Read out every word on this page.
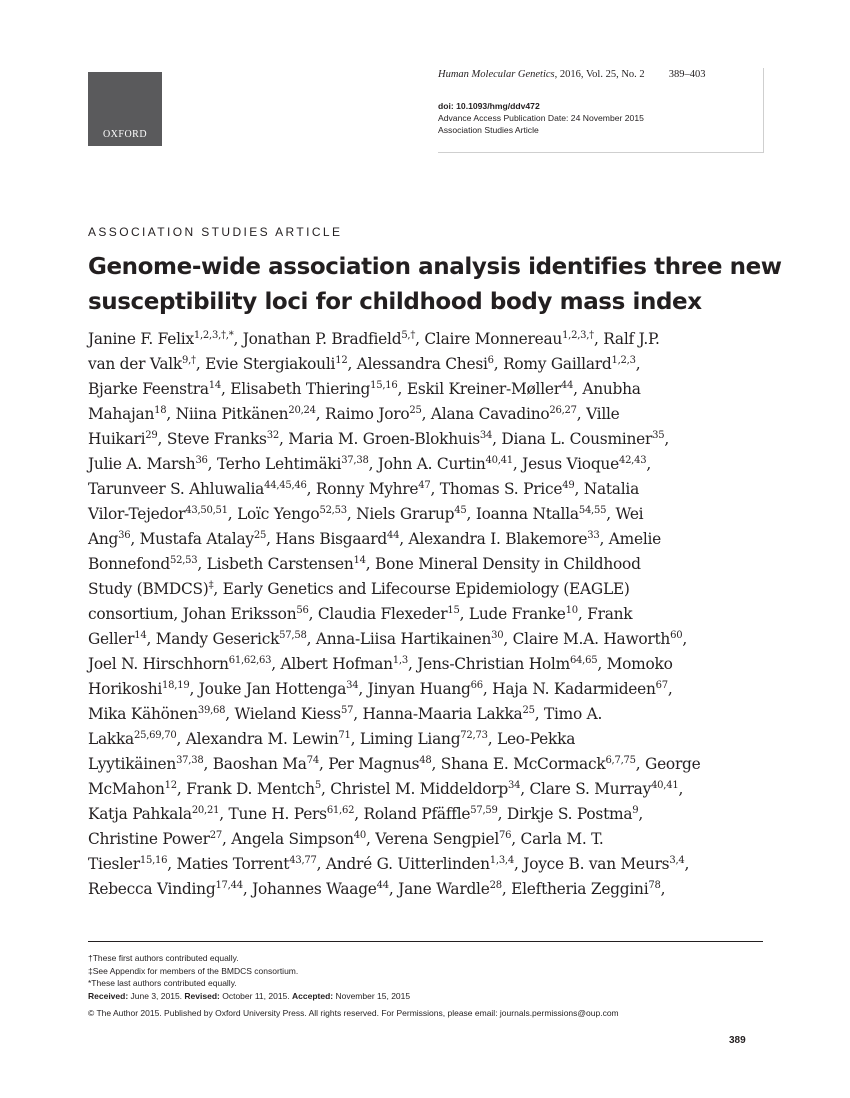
OXFORD
Human Molecular Genetics, 2016, Vol. 25, No. 2 389–403
doi: 10.1093/hmg/ddv472
Advance Access Publication Date: 24 November 2015
Association Studies Article
ASSOCIATION STUDIES ARTICLE
Genome-wide association analysis identifies three new
susceptibility loci for childhood body mass index
Janine F. Felix$^{1,2,3,\dagger,*}$, Jonathan P. Bradfield$^{5,\dagger}$, Claire Monnereau$^{1,2,3,\dagger}$, Ralf J.P.
van der Valk$^{9,\dagger}$, Evie Stergiakouli$^{12}$, Alessandra Chesi$^6$, Romy Gaillard$^{1,2,3}$,
Bjarke Feenstra$^{14}$, Elisabeth Thiering$^{15,16}$, Eskil Kreiner-Møller$^{44}$, Anubha
Mahajan$^{18}$, Niina Pitkänen$^{20,24}$, Raimo Joro$^{25}$, Alana Cavadino$^{26,27}$, Ville
Huikari$^{29}$, Steve Franks$^{32}$, Maria M. Groen-Blokhuis$^{34}$, Diana L. Cousminer$^{35}$,
Julie A. Marsh$^{36}$, Terho Lehtimäki$^{37,38}$, John A. Curtin$^{40,41}$, Jesus Vioque$^{42,43}$,
Tarunveer S. Ahluwalia$^{44,45,46}$, Ronny Myhre$^{47}$, Thomas S. Price$^{49}$, Natalia
Vilor-Tejedor$^{43,50,51}$, Loïc Yengo$^{52,53}$, Niels Grarup$^{45}$, Ioanna Ntalla$^{54,55}$, Wei
Ang$^{36}$, Mustafa Atalay$^{25}$, Hans Bisgaard$^{44}$, Alexandra I. Blakemore$^{33}$, Amelie
Bonnefond$^{52,53}$, Lisbeth Carstensen$^{14}$, Bone Mineral Density in Childhood
Study (BMDCS)‡, Early Genetics and Lifecourse Epidemiology (EAGLE)
consortium, Johan Eriksson$^{56}$, Claudia Flexeder$^{15}$, Lude Franke$^{10}$, Frank
Geller$^{14}$, Mandy Geserick$^{57,58}$, Anna-Liisa Hartikainen$^{30}$, Claire M.A. Haworth$^{60}$,
Joel N. Hirschhorn$^{61,62,63}$, Albert Hofman$^{1,3}$, Jens-Christian Holm$^{64,65}$, Momoko
Horikoshi$^{18,19}$, Jouke Jan Hottenga$^{34}$, Jinyan Huang$^{66}$, Haja N. Kadarmideen$^{67}$,
Mika Kähönen$^{39,68}$, Wieland Kiess$^{57}$, Hanna-Maaria Lakka$^{25}$, Timo A.
Lakka$^{25,69,70}$, Alexandra M. Lewin$^{71}$, Liming Liang$^{72,73}$, Leo-Pekka
Lyytikäinen$^{37,38}$, Baoshan Ma$^{74}$, Per Magnus$^{48}$, Shana E. McCormack$^{6,7,75}$, George
McMahon$^{12}$, Frank D. Mentch$^5$, Christel M. Middeldorp$^{34}$, Clare S. Murray$^{40,41}$,
Katja Pahkala$^{20,21}$, Tune H. Pers$^{61,62}$, Roland Pfäffle$^{57,59}$, Dirkje S. Postma$^9$,
Christine Power$^{27}$, Angela Simpson$^{40}$, Verena Sengpiel$^{76}$, Carla M. T.
Tiesler$^{15,16}$, Maties Torrent$^{43,77}$, André G. Uitterlinden$^{1,3,4}$, Joyce B. van Meurs$^{3,4}$,
Rebecca Vinding$^{17,44}$, Johannes Waage$^{44}$, Jane Wardle$^{28}$, Eleftheria Zeggini$^{78}$,
†These first authors contributed equally.
‡See Appendix for members of the BMDCS consortium.
*These last authors contributed equally.
Received: June 3, 2015. Revised: October 11, 2015. Accepted: November 15, 2015
© The Author 2015. Published by Oxford University Press. All rights reserved. For Permissions, please email: journals.permissions@oup.com
389
